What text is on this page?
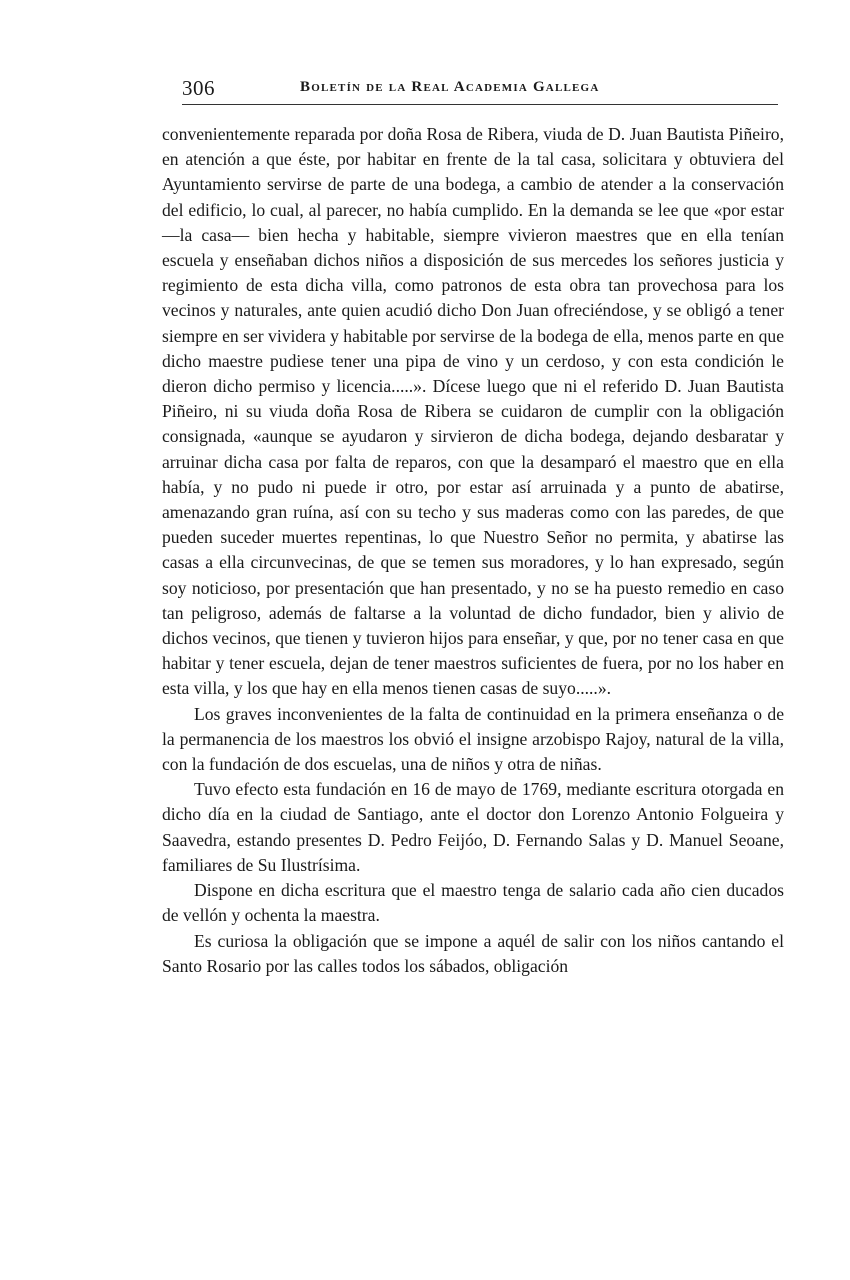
306	Boletín de la Real Academia Gallega

convenientemente reparada por doña Rosa de Ribera, viuda de D. Juan Bautista Piñeiro, en atención a que éste, por habitar en frente de la tal casa, solicitara y obtuviera del Ayuntamiento servirse de parte de una bodega, a cambio de atender a la conservación del edificio, lo cual, al parecer, no había cumplido. En la demanda se lee que «por estar —la casa— bien hecha y habitable, siempre vivieron maestres que en ella tenían escuela y enseñaban dichos niños a disposición de sus mercedes los señores justicia y regimiento de esta dicha villa, como patronos de esta obra tan provechosa para los vecinos y naturales, ante quien acudió dicho Don Juan ofreciéndose, y se obligó a tener siempre en ser vividera y habitable por servirse de la bodega de ella, menos parte en que dicho maestre pudiese tener una pipa de vino y un cerdoso, y con esta condición le dieron dicho permiso y licencia.....». Dícese luego que ni el referido D. Juan Bautista Piñeiro, ni su viuda doña Rosa de Ribera se cuidaron de cumplir con la obligación consignada, «aunque se ayudaron y sirvieron de dicha bodega, dejando desbaratar y arruinar dicha casa por falta de reparos, con que la desamparó el maestro que en ella había, y no pudo ni puede ir otro, por estar así arruinada y a punto de abatirse, amenazando gran ruína, así con su techo y sus maderas como con las paredes, de que pueden suceder muertes repentinas, lo que Nuestro Señor no permita, y abatirse las casas a ella circunvecinas, de que se temen sus moradores, y lo han expresado, según soy noticioso, por presentación que han presentado, y no se ha puesto remedio en caso tan peligroso, además de faltarse a la voluntad de dicho fundador, bien y alivio de dichos vecinos, que tienen y tuvieron hijos para enseñar, y que, por no tener casa en que habitar y tener escuela, dejan de tener maestros suficientes de fuera, por no los haber en esta villa, y los que hay en ella menos tienen casas de suyo.....».

Los graves inconvenientes de la falta de continuidad en la primera enseñanza o de la permanencia de los maestros los obvió el insigne arzobispo Rajoy, natural de la villa, con la fundación de dos escuelas, una de niños y otra de niñas.

Tuvo efecto esta fundación en 16 de mayo de 1769, mediante escritura otorgada en dicho día en la ciudad de Santiago, ante el doctor don Lorenzo Antonio Folgueira y Saavedra, estando presentes D. Pedro Feijóo, D. Fernando Salas y D. Manuel Seoane, familiares de Su Ilustrísima.

Dispone en dicha escritura que el maestro tenga de salario cada año cien ducados de vellón y ochenta la maestra.

Es curiosa la obligación que se impone a aquél de salir con los niños cantando el Santo Rosario por las calles todos los sábados, obligación
